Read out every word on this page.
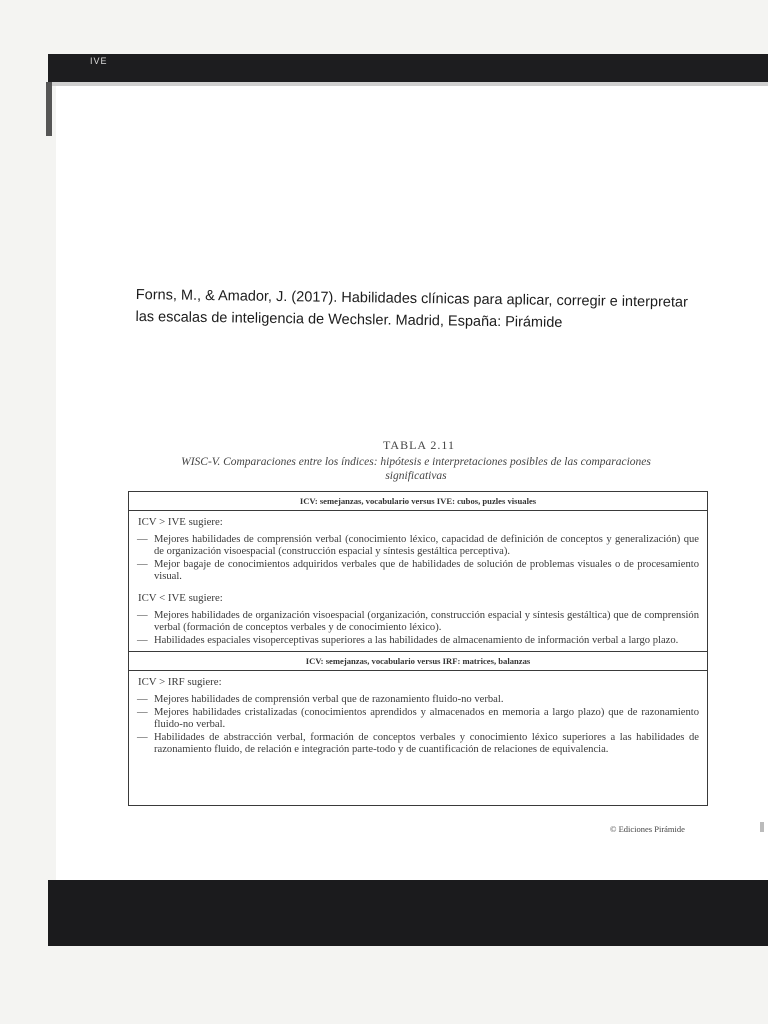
IVE
Forns, M., & Amador, J. (2017). Habilidades clínicas para aplicar, corregir e interpretar
las escalas de inteligencia de Wechsler. Madrid, España: Pirámide
TABLA 2.11
WISC-V. Comparaciones entre los índices: hipótesis e interpretaciones posibles de las comparaciones
significativas
ICV: semejanzas, vocabulario versus IVE: cubos, puzles visuales
ICV > IVE sugiere:
— Mejores habilidades de comprensión verbal (conocimiento léxico, capacidad de definición de conceptos y generalización) que de organización visoespacial (construcción espacial y síntesis gestáltica perceptiva).
— Mejor bagaje de conocimientos adquiridos verbales que de habilidades de solución de problemas visuales o de procesamiento visual.
ICV < IVE sugiere:
— Mejores habilidades de organización visoespacial (organización, construcción espacial y síntesis gestáltica) que de comprensión verbal (formación de conceptos verbales y de conocimiento léxico).
— Habilidades espaciales visoperceptivas superiores a las habilidades de almacenamiento de información verbal a largo plazo.
ICV: semejanzas, vocabulario versus IRF: matrices, balanzas
ICV > IRF sugiere:
— Mejores habilidades de comprensión verbal que de razonamiento fluido-no verbal.
— Mejores habilidades cristalizadas (conocimientos aprendidos y almacenados en memoria a largo plazo) que de razonamiento fluido-no verbal.
— Habilidades de abstracción verbal, formación de conceptos verbales y conocimiento léxico superiores a las habilidades de razonamiento fluido, de relación e integración parte-todo y de cuantificación de relaciones de equivalencia.
© Ediciones Pirámide
